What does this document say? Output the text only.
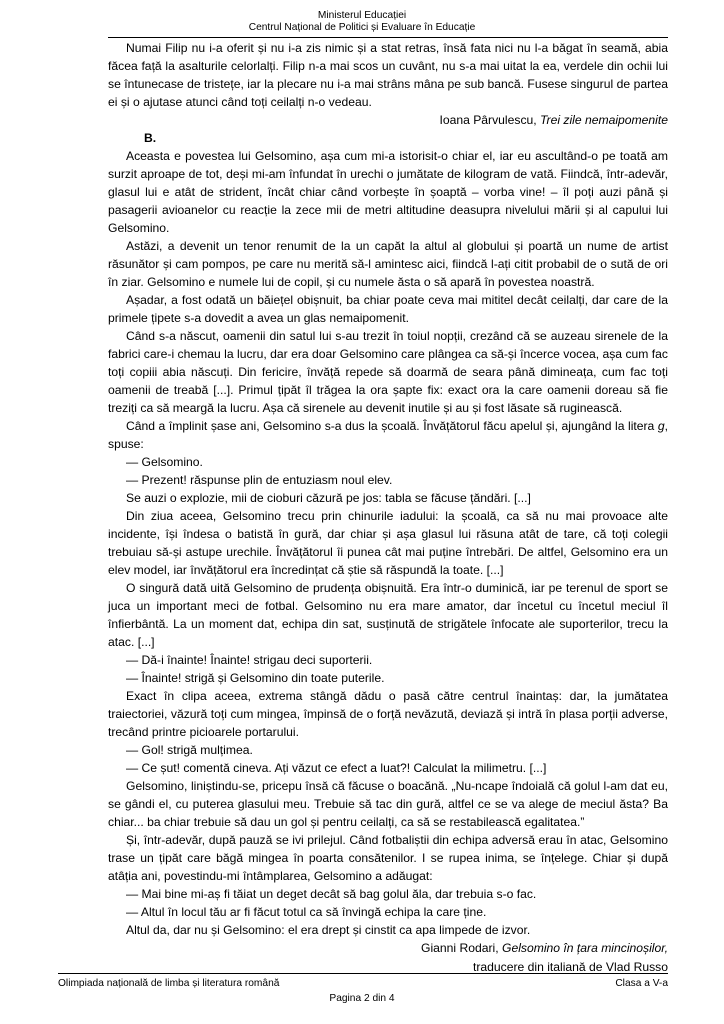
Ministerul Educației
Centrul Național de Politici și Evaluare în Educație

Numai Filip nu i-a oferit și nu i-a zis nimic și a stat retras, însă fata nici nu l-a băgat în seamă, abia făcea față la asalturile celorlalți. Filip n-a mai scos un cuvânt, nu s-a mai uitat la ea, verdele din ochii lui se întunecase de tristețe, iar la plecare nu i-a mai strâns mâna pe sub bancă. Fusese singurul de partea ei și o ajutase atunci când toți ceilalți n-o vedeau.

Ioana Pârvulescu, Trei zile nemaipomenite

B.

Aceasta e povestea lui Gelsomino, așa cum mi-a istorisit-o chiar el, iar eu ascultând-o pe toată am surzit aproape de tot, deși mi-am înfundat în urechi o jumătate de kilogram de vată. Fiindcă, într-adevăr, glasul lui e atât de strident, încât chiar când vorbește în șoaptă – vorba vine! – îl poți auzi până și pasagerii avioanelor cu reacție la zece mii de metri altitudine deasupra nivelului mării și al capului lui Gelsomino.

Astăzi, a devenit un tenor renumit de la un capăt la altul al globului și poartă un nume de artist răsunător și cam pompos, pe care nu merită să-l amintesc aici, fiindcă l-ați citit probabil de o sută de ori în ziar. Gelsomino e numele lui de copil, și cu numele ăsta o să apară în povestea noastră.

Așadar, a fost odată un băiețel obișnuit, ba chiar poate ceva mai mititel decât ceilalți, dar care de la primele țipete s-a dovedit a avea un glas nemaipomenit.

Când s-a născut, oamenii din satul lui s-au trezit în toiul nopții, crezând că se auzeau sirenele de la fabrici care-i chemau la lucru, dar era doar Gelsomino care plângea ca să-și încerce vocea, așa cum fac toți copiii abia născuți. Din fericire, învăță repede să doarmă de seara până dimineața, cum fac toți oamenii de treabă [...]. Primul țipăt îl trăgea la ora șapte fix: exact ora la care oamenii doreau să fie treziți ca să meargă la lucru. Așa că sirenele au devenit inutile și au și fost lăsate să ruginească.

Când a împlinit șase ani, Gelsomino s-a dus la școală. Învățătorul făcu apelul și, ajungând la litera g, spuse:

— Gelsomino.

— Prezent! răspunse plin de entuziasm noul elev.

Se auzi o explozie, mii de cioburi căzură pe jos: tabla se făcuse țăndări. [...]

Din ziua aceea, Gelsomino trecu prin chinurile iadului: la școală, ca să nu mai provoace alte incidente, își îndesa o batistă în gură, dar chiar și așa glasul lui răsuna atât de tare, că toți colegii trebuiau să-și astupe urechile. Învățătorul îi punea cât mai puține întrebări. De altfel, Gelsomino era un elev model, iar învățătorul era încredințat că știe să răspundă la toate. [...]

O singură dată uită Gelsomino de prudența obișnuită. Era într-o duminică, iar pe terenul de sport se juca un important meci de fotbal. Gelsomino nu era mare amator, dar încetul cu încetul meciul îl înfierbântă. La un moment dat, echipa din sat, susținută de strigătele înfocate ale suporterilor, trecu la atac. [...]

— Dă-i înainte! Înainte! strigau deci suporterii.

— Înainte! strigă și Gelsomino din toate puterile.

Exact în clipa aceea, extrema stângă dădu o pasă către centrul înaintaș: dar, la jumătatea traiectoriei, văzură toți cum mingea, împinsă de o forță nevăzută, deviază și intră în plasa porții adverse, trecând printre picioarele portarului.

— Gol! strigă mulțimea.

— Ce șut! comentă cineva. Ați văzut ce efect a luat?! Calculat la milimetru. [...]

Gelsomino, liniștindu-se, pricepu însă că făcuse o boacănă. „Nu-ncape îndoială că golul l-am dat eu, se gândi el, cu puterea glasului meu. Trebuie să tac din gură, altfel ce se va alege de meciul ăsta? Ba chiar... ba chiar trebuie să dau un gol și pentru ceilalți, ca să se restabilească egalitatea.”

Și, într-adevăr, după pauză se ivi prilejul. Când fotbaliștii din echipa adversă erau în atac, Gelsomino trase un țipăt care băgă mingea în poarta consătenilor. I se rupea inima, se înțelege. Chiar și după atâția ani, povestindu-mi întâmplarea, Gelsomino a adăugat:

— Mai bine mi-aș fi tăiat un deget decât să bag golul ăla, dar trebuia s-o fac.

— Altul în locul tău ar fi făcut totul ca să învingă echipa la care ține.

Altul da, dar nu și Gelsomino: el era drept și cinstit ca apa limpede de izvor.

Gianni Rodari, Gelsomino în țara mincinoșilor,
traducere din italiană de Vlad Russo

Olimpiada națională de limba și literatura română	Clasa a V-a
Pagina 2 din 4
